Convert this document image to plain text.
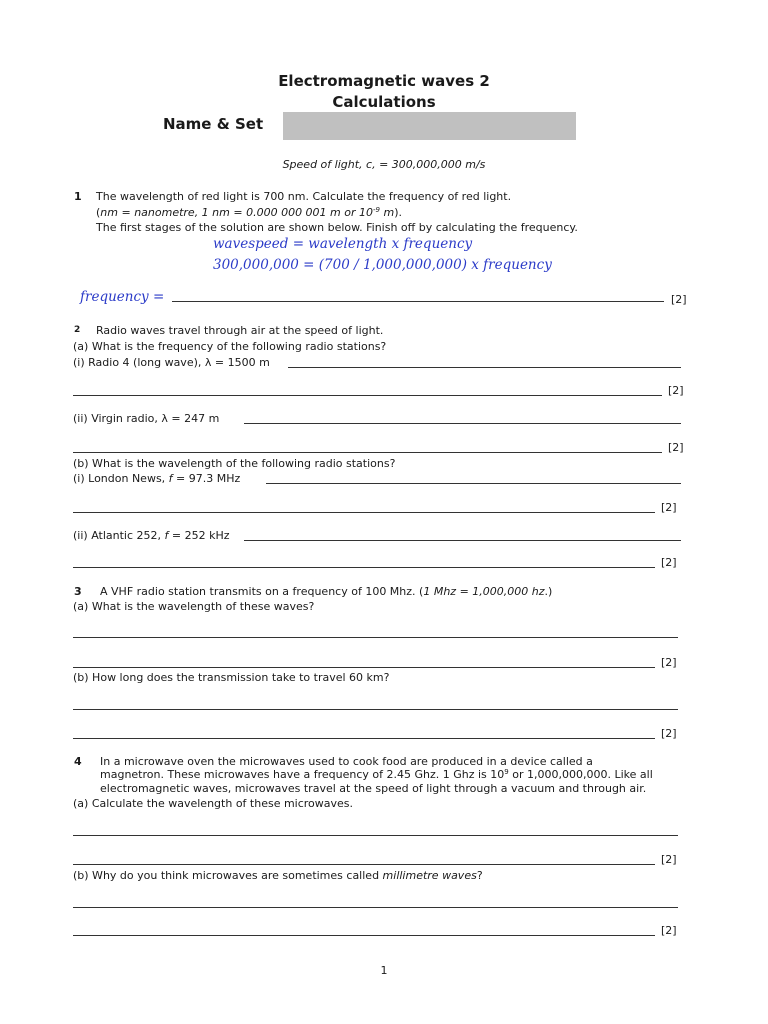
Electromagnetic waves 2
Calculations
Name & Set
Speed of light, c, = 300,000,000 m/s
1 The wavelength of red light is 700 nm. Calculate the frequency of red light.
(nm = nanometre, 1 nm = 0.000 000 001 m or $10^{-9}$ m).
The first stages of the solution are shown below. Finish off by calculating the frequency.
wavespeed = wavelength x frequency
300,000,000 = (700 / 1,000,000,000) x frequency
frequency =	[2]
2 Radio waves travel through air at the speed of light.
(a) What is the frequency of the following radio stations?
(i) Radio 4 (long wave), λ = 1500 m
[2]
(ii) Virgin radio, λ = 247 m
[2]
(b) What is the wavelength of the following radio stations?
(i) London News, f = 97.3 MHz
[2]
(ii) Atlantic 252, f = 252 kHz
[2]
3 A VHF radio station transmits on a frequency of 100 Mhz. (1 Mhz = 1,000,000 hz.)
(a) What is the wavelength of these waves?
[2]
(b) How long does the transmission take to travel 60 km?
[2]
4 In a microwave oven the microwaves used to cook food are produced in a device called a
magnetron. These microwaves have a frequency of 2.45 Ghz. 1 Ghz is $10^9$ or 1,000,000,000. Like all
electromagnetic waves, microwaves travel at the speed of light through a vacuum and through air.
(a) Calculate the wavelength of these microwaves.
[2]
(b) Why do you think microwaves are sometimes called millimetre waves?
[2]
1
